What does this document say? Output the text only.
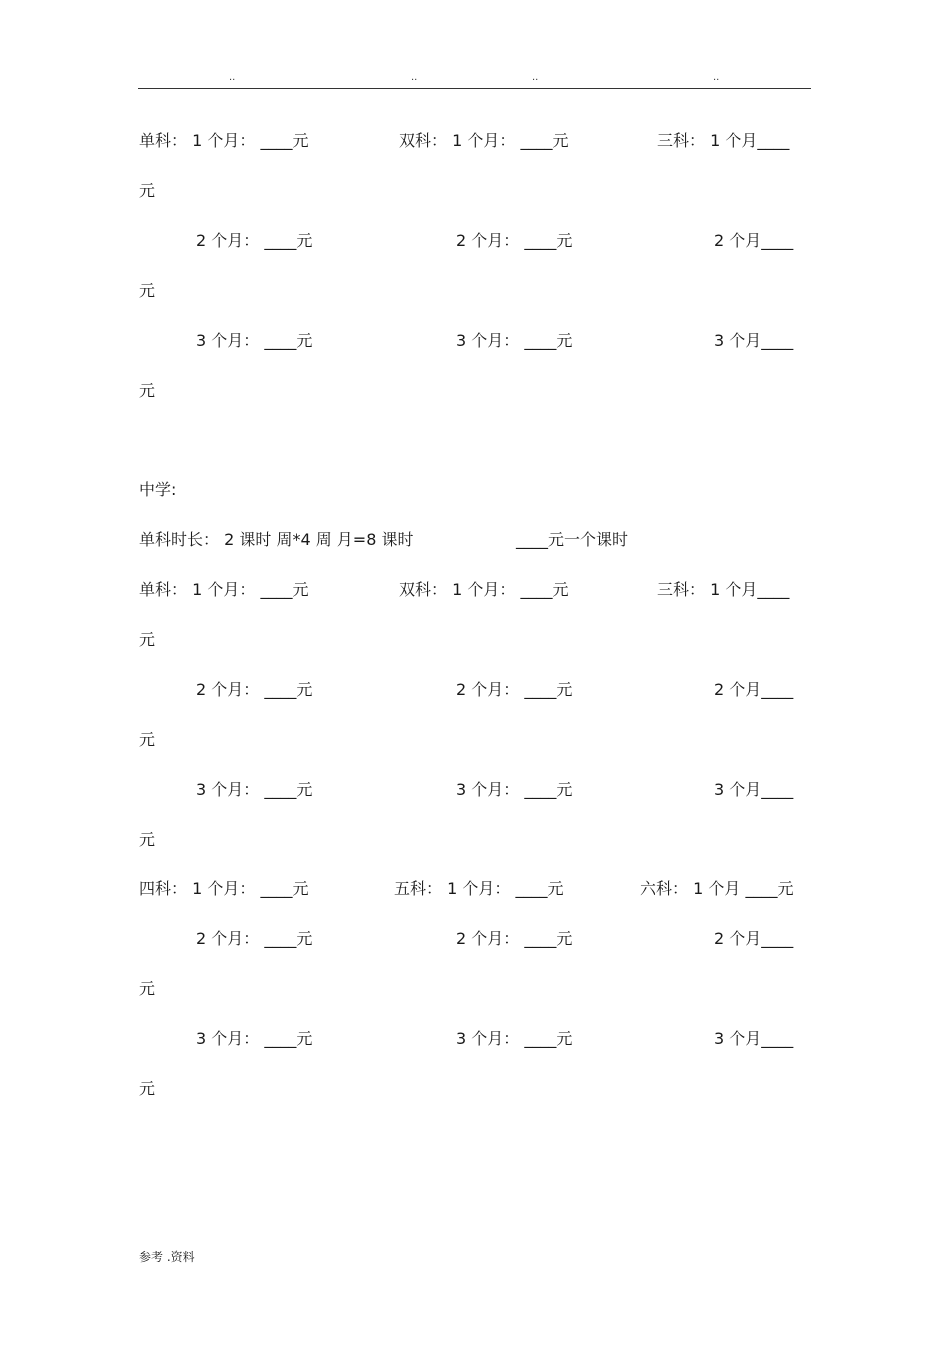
..	..	..	..
单科： 1 个月： ____元	双科： 1 个月： ____元	三科： 1 个月____
元
2 个月： ____元	2 个月： ____元	2 个月____
元
3 个月： ____元	3 个月： ____元	3 个月____
元
中学:
单科时长： 2 课时 周*4 周 月=8 课时	____元一个课时
单科： 1 个月： ____元	双科： 1 个月： ____元	三科： 1 个月____
元
2 个月： ____元	2 个月： ____元	2 个月____
元
3 个月： ____元	3 个月： ____元	3 个月____
元
四科： 1 个月： ____元	五科： 1 个月： ____元	六科： 1 个月 ____元
2 个月： ____元	2 个月： ____元	2 个月____
元
3 个月： ____元	3 个月： ____元	3 个月____
元
参考 .资料
